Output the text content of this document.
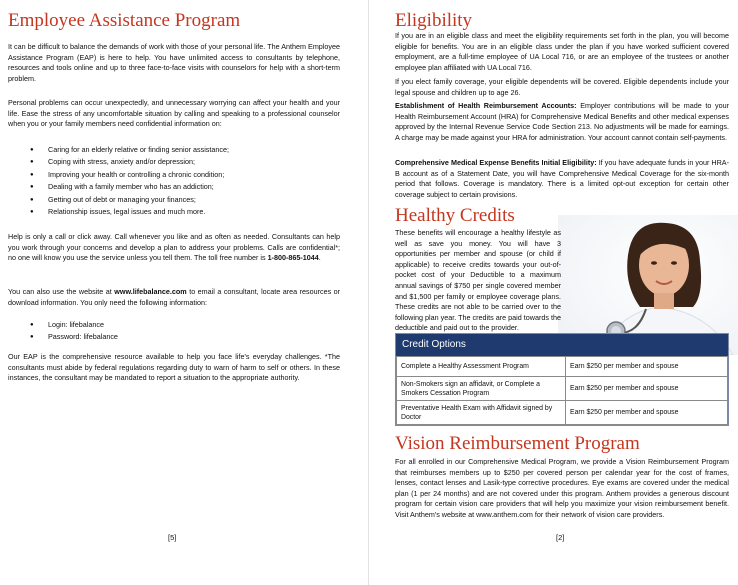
Employee Assistance Program

It can be difficult to balance the demands of work with those of your personal life. The Anthem Employee Assistance Program (EAP) is here to help. You have unlimited access to consultants by telephone, resources and tools online and up to three face-to-face visits with counselors for help with a short-term problem.

Personal problems can occur unexpectedly, and unnecessary worrying can affect your health and your life. Ease the stress of any uncomfortable situation by calling and speaking to a professional counselor when you or your family members need confidential information on:

● Caring for an elderly relative or finding senior assistance;
● Coping with stress, anxiety and/or depression;
● Improving your health or controlling a chronic condition;
● Dealing with a family member who has an addiction;
● Getting out of debt or managing your finances;
● Relationship issues, legal issues and much more.

Help is only a call or click away. Call whenever you like and as often as needed. Consultants can help you work through your concerns and develop a plan to address your problems. Calls are confidential*; no one will know you use the service unless you tell them. The toll free number is 1-800-865-1044.

You can also use the website at www.lifebalance.com to email a consultant, locate area resources or download information. You only need the following information:

● Login: lifebalance
● Password: lifebalance

Our EAP is the comprehensive resource available to help you face life's everyday challenges. *The consultants must abide by federal regulations regarding duty to warn of harm to self or others. In these instances, the consultant may be mandated to report a situation to the appropriate authority.

[5]
Eligibility

If you are in an eligible class and meet the eligibility requirements set forth in the plan, you will become eligible for benefits. You are in an eligible class under the plan if you have worked sufficient covered employment, are a full-time employee of UA Local 716, or are an employee of the trustees or another employee plan affiliated with UA Local 716.

If you elect family coverage, your eligible dependents will be covered. Eligible dependents include your legal spouse and children up to age 26.

Establishment of Health Reimbursement Accounts: Employer contributions will be made to your Health Reimbursement Account (HRA) for Comprehensive Medical Benefits and other medical expenses approved by the Internal Revenue Service Code Section 213. No adjustments will be made for earnings. A charge may be made against your HRA for administration. Your account cannot contain self-payments.

Comprehensive Medical Expense Benefits Initial Eligibility: If you have adequate funds in your HRA-B account as of a Statement Date, you will have Comprehensive Medical Coverage for the six-month period that follows. Coverage is mandatory. There is a limited opt-out exception for certain other coverage subject to certain provisions.

Healthy Credits

These benefits will encourage a healthy lifestyle as well as save you money. You will have 3 opportunities per member and spouse (or child if applicable) to receive credits towards your out-of-pocket cost of your Deductible to a maximum annual savings of $750 per single covered member and $1,500 per family or employee coverage plans. These credits are not able to be carried over to the following plan year. The credits are paid towards the deductible and paid out to the provider.

Credit Options
Complete a Healthy Assessment Program	Earn $250 per member and spouse
Non-Smokers sign an affidavit, or Complete a Smokers Cessation Program	Earn $250 per member and spouse
Preventative Health Exam with Affidavit signed by Doctor	Earn $250 per member and spouse
Vision Reimbursement Program

For all enrolled in our Comprehensive Medical Program, we provide a Vision Reimbursement Program that reimburses members up to $250 per covered person per calendar year for the cost of frames, lenses, contact lenses and Lasik-type corrective procedures. Eye exams are covered under the medical plan (1 per 24 months) and are not covered under this program. Anthem provides a generous discount program for certain vision care providers that will help you maximize your vision reimbursement benefit. Visit Anthem's website at www.anthem.com for their network of vision care providers.

[2]
